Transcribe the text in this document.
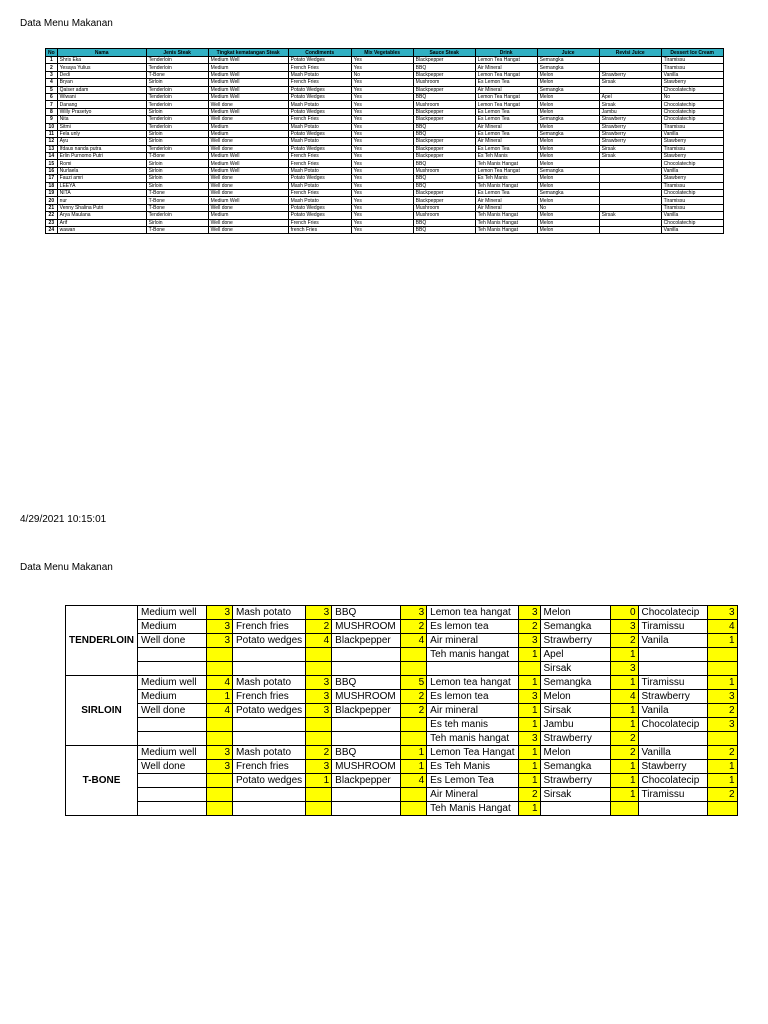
Data Menu Makanan
No	Nama	Jenis Steak	Tingkat kematangan Steak	Condiments	Mix Vegetables	Sauce Steak	Drink	Juice	Revisi Juice	Dessert Ice Cream
1	Shris Eka	Tenderloin	Medium Well	Potato Wedges	Yes	Blackpepper	Lemon Tea Hangat	Semangka		Tiramissu
2	Yesaya Yulius	Tenderloin	Medium	French Fries	Yes	BBQ	Air Mineral	Semangka		Tiramissu
3	Dedi	T-Bone	Medium Well	Mash Potato	No	Blackpepper	Lemon Tea Hangat	Melon	Strawberry	Vanilla
4	Bryan	Sirloin	Medium Well	French Fries	Yes	Mushroom	Es Lemon Tea	Melon	Sirsak	Stawberry
5	Qaiser adam	Tenderloin	Medium Well	Potato Wedges	Yes	Blackpepper	Air Mineral	Semangka		Chocolatechip
6	Wiwani	Tenderloin	Medium Well	Potato Wedges	Yes	BBQ	Lemon Tea Hangat	Melon	Apel	No
7	Danang	Tenderloin	Well done	Mash Potato	Yes	Mushroom	Lemon Tea Hangat	Melon	Sirsak	Chocolatechip
8	Willy Prasetyo	Sirloin	Medium Well	Potato Wedges	Yes	Blackpepper	Es Lemon Tea	Melon	Jambu	Chocolatechip
9	Nita	Tenderloin	Well done	French Fries	Yes	Blackpepper	Es Lemon Tea	Semangka	Strawberry	Chocolatechip
10	Sitmi	Tenderloin	Medium	Mash Potato	Yes	BBQ	Air Mineral	Melon	Strawberry	Tiramissu
11	Fela unly	Sirloin	Medium	Potato Wedges	Yes	BBQ	Es Lemon Tea	Semangka	Strawberry	Vanilla
12	Ayu	Sirloin	Well done	Mash Potato	Yes	Blackpepper	Air Mineral	Melon	Strawberry	Stawberry
13	Ifdaus nanda putra	Tenderloin	Well done	Potato Wedges	Yes	Blackpepper	Es Lemon Tea	Melon	Sirsak	Tiramissu
14	Erlin Purnomo Putri	T-Bone	Medium Well	French Fries	Yes	Blackpepper	Es Teh Manis	Melon	Sirsak	Stawberry
15	Romi	Sirloin	Medium Well	French Fries	Yes	BBQ	Teh Manis Hangat	Melon		Chocolatechip
16	Nurlaela	Sirloin	Medium Well	Mash Potato	Yes	Mushroom	Lemon Tea Hangat	Semangka		Vanilla
17	Fauzi amri	Sirloin	Well done	Potato Wedges	Yes	BBQ	Es Teh Manis	Melon		Stawberry
18	LEEYA	Sirloin	Well done	Mash Potato	Yes	BBQ	Teh Manis Hangat	Melon		Tiramissu
19	NITA	T-Bone	Well done	French Fries	Yes	Blackpepper	Es Lemon Tea	Semangka		Chocolatechip
20	nur	T-Bone	Medium Well	Mash Potato	Yes	Blackpepper	Air Mineral	Melon		Tiramissu
21	Venny Shalina Putri	T-Bone	Well done	Potato Wedges	Yes	Mushroom	Air Mineral	No		Tiramissu
22	Arya Maulana	Tenderloin	Medium	Potato Wedges	Yes	Mushroom	Teh Manis Hangat	Melon	Sirsak	Vanilla
23	Arif	Sirloin	Well done	French Fries	Yes	BBQ	Teh Manis Hangat	Melon		Chocolatechip
24	wawan	T-Bone	Well done	french Fries	Yes	BBQ	Teh Manis Hangat	Melon		Vanilla
4/29/2021 10:15:01
Data Menu Makanan
TENDERLOIN	Medium well	3	Mash potato	3	BBQ	3	Lemon tea hangat	3	Melon	0	Chocolatecip	3
	Medium	3	French fries	2	MUSHROOM	2	Es lemon tea	2	Semangka	3	Tiramissu	4
	Well done	3	Potato wedges	4	Blackpepper	4	Air mineral	3	Strawberry	2	Vanila	1
							Teh manis hangat	1	Apel	1		
									Sirsak	3		
SIRLOIN	Medium well	4	Mash potato	3	BBQ	5	Lemon tea hangat	1	Semangka	1	Tiramissu	1
	Medium	1	French fries	3	MUSHROOM	2	Es lemon tea	3	Melon	4	Strawberry	3
	Well done	4	Potato wedges	3	Blackpepper	2	Air mineral	1	Sirsak	1	Vanila	2
							Es teh manis	1	Jambu	1	Chocolatecip	3
							Teh manis hangat	3	Strawberry	2		
T-BONE	Medium well	3	Mash potato	2	BBQ	1	Lemon Tea Hangat	1	Melon	2	Vanilla	2
	Well done	3	French fries	3	MUSHROOM	1	Es Teh Manis	1	Semangka	1	Stawberry	1
			Potato wedges	1	Blackpepper	4	Es Lemon Tea	1	Strawberry	1	Chocolatecip	1
							Air Mineral	2	Sirsak	1	Tiramissu	2
							Teh Manis Hangat	1				
